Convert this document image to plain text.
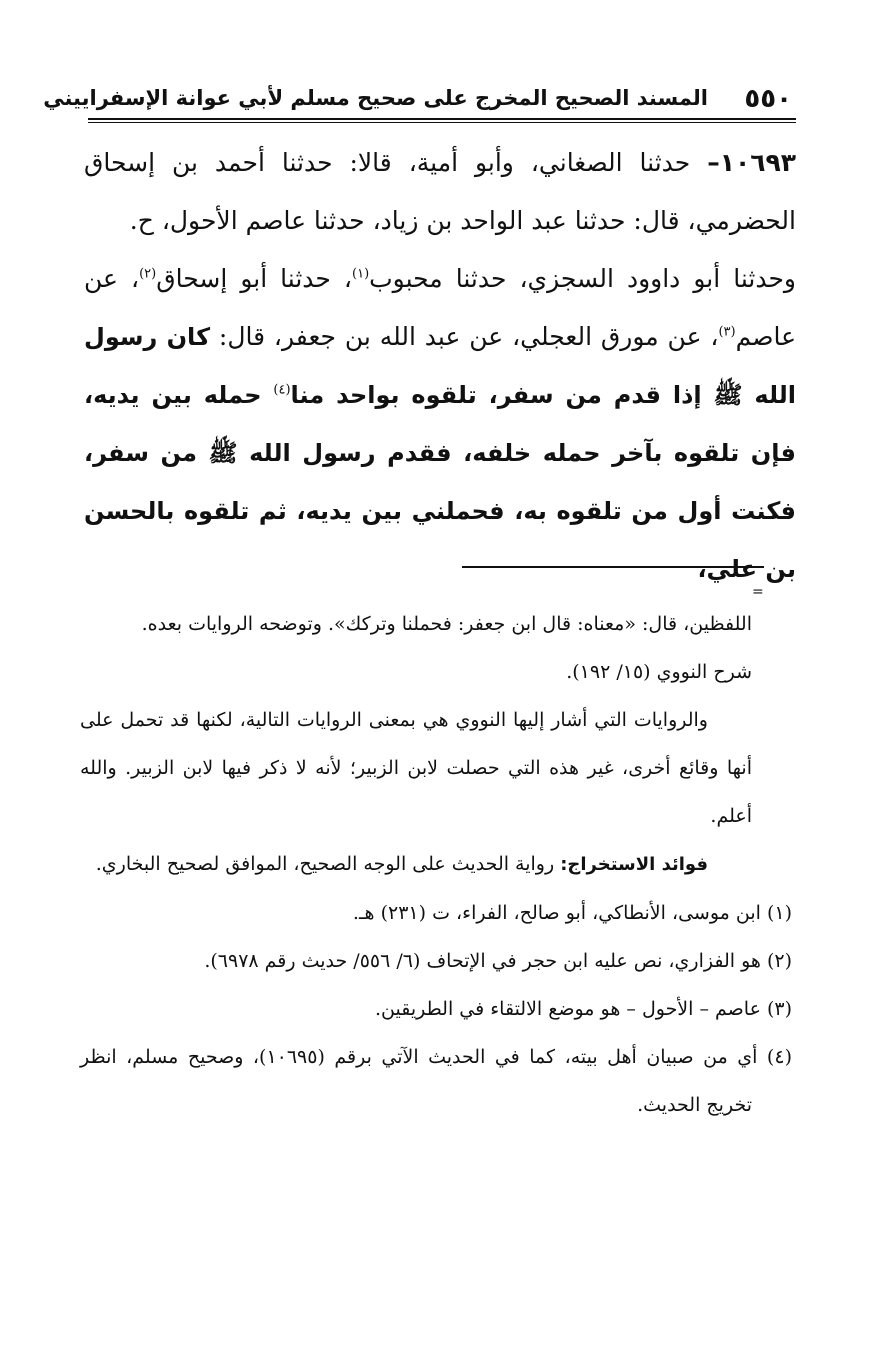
٥٥٠
المسند الصحيح المخرج على صحيح مسلم لأبي عوانة الإسفراييني

١٠٦٩٣– حدثنا الصغاني، وأبو أمية، قالا: حدثنا أحمد بن إسحاق الحضرمي، قال: حدثنا عبد الواحد بن زياد، حدثنا عاصم الأحول، ح.

وحدثنا أبو داوود السجزي، حدثنا محبوب$^{(١)}$، حدثنا أبو إسحاق$^{(٢)}$، عن عاصم$^{(٣)}$، عن مورق العجلي، عن عبد الله بن جعفر، قال: كان رسول الله ﷺ إذا قدم من سفر، تلقوه بواحد منا$^{(٤)}$ حمله بين يديه، فإن تلقوه بآخر حمله خلفه، فقدم رسول الله ﷺ من سفر، فكنت أول من تلقوه به، فحملني بين يديه، ثم تلقوه بالحسن بن علي،

=

اللفظين، قال: «معناه: قال ابن جعفر: فحملنا وتركك». وتوضحه الروايات بعده.

شرح النووي (١٥/ ١٩٢).

والروايات التي أشار إليها النووي هي بمعنى الروايات التالية، لكنها قد تحمل على أنها وقائع أخرى، غير هذه التي حصلت لابن الزبير؛ لأنه لا ذكر فيها لابن الزبير. والله أعلم.

فوائد الاستخراج: رواية الحديث على الوجه الصحيح، الموافق لصحيح البخاري.

(١) ابن موسى، الأنطاكي، أبو صالح، الفراء، ت (٢٣١) هـ.

(٢) هو الفزاري، نص عليه ابن حجر في الإتحاف (٦/ ٥٥٦/ حديث رقم ٦٩٧٨).

(٣) عاصم – الأحول – هو موضع الالتقاء في الطريقين.

(٤) أي من صبيان أهل بيته، كما في الحديث الآتي برقم (١٠٦٩٥)، وصحيح مسلم، انظر تخريج الحديث.
